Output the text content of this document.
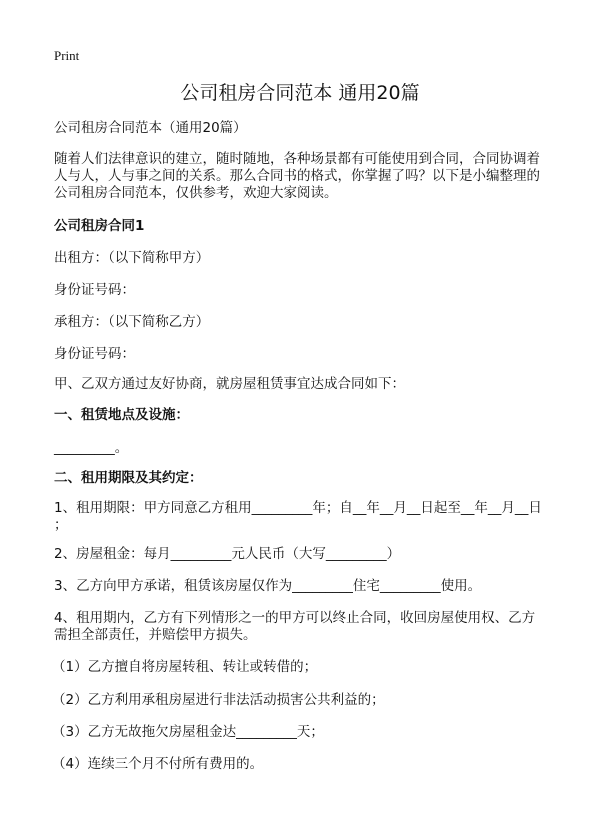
Print
公司租房合同范本 通用20篇
公司租房合同范本（通用20篇）
随着人们法律意识的建立，随时随地，各种场景都有可能使用到合同，合同协调着人与人，人与事之间的关系。那么合同书的格式，你掌握了吗？以下是小编整理的公司租房合同范本，仅供参考，欢迎大家阅读。
公司租房合同1
出租方：（以下简称甲方）
身份证号码：
承租方：（以下简称乙方）
身份证号码：
甲、乙双方通过友好协商，就房屋租赁事宜达成合同如下：
一、租赁地点及设施：
_________。
二、租用期限及其约定：
1、租用期限：甲方同意乙方租用_________年；自__年__月__日起至__年__月__日
；
2、房屋租金：每月_________元人民币（大写_________）
3、乙方向甲方承诺，租赁该房屋仅作为_________住宅_________使用。
4、租用期内，乙方有下列情形之一的甲方可以终止合同，收回房屋使用权、乙方需担全部责任，并赔偿甲方损失。
（1）乙方擅自将房屋转租、转让或转借的；
（2）乙方利用承租房屋进行非法活动损害公共利益的；
（3）乙方无故拖欠房屋租金达_________天；
（4）连续三个月不付所有费用的。
